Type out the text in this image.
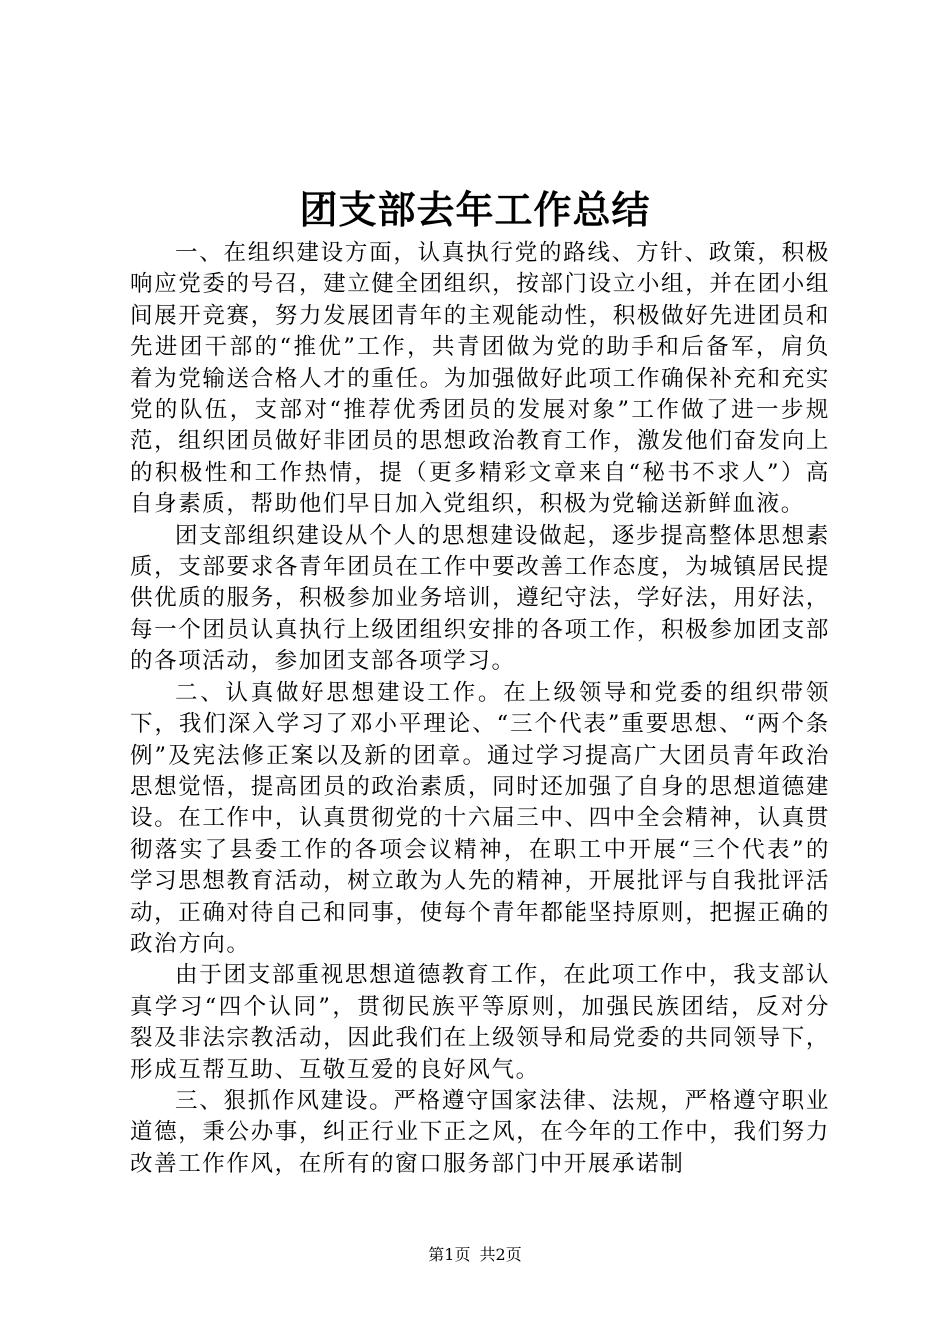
团支部去年工作总结

一、在组织建设方面，认真执行党的路线、方针、政策，积极响应党委的号召，建立健全团组织，按部门设立小组，并在团小组间展开竞赛，努力发展团青年的主观能动性，积极做好先进团员和先进团干部的“推优”工作，共青团做为党的助手和后备军，肩负着为党输送合格人才的重任。为加强做好此项工作确保补充和充实党的队伍，支部对“推荐优秀团员的发展对象”工作做了进一步规范，组织团员做好非团员的思想政治教育工作，激发他们奋发向上的积极性和工作热情，提（更多精彩文章来自“秘书不求人”）高自身素质，帮助他们早日加入党组织，积极为党输送新鲜血液。

团支部组织建设从个人的思想建设做起，逐步提高整体思想素质，支部要求各青年团员在工作中要改善工作态度，为城镇居民提供优质的服务，积极参加业务培训，遵纪守法，学好法，用好法，每一个团员认真执行上级团组织安排的各项工作，积极参加团支部的各项活动，参加团支部各项学习。

二、认真做好思想建设工作。在上级领导和党委的组织带领下，我们深入学习了邓小平理论、“三个代表”重要思想、“两个条例”及宪法修正案以及新的团章。通过学习提高广大团员青年政治思想觉悟，提高团员的政治素质，同时还加强了自身的思想道德建设。在工作中，认真贯彻党的十六届三中、四中全会精神，认真贯彻落实了县委工作的各项会议精神，在职工中开展“三个代表”的学习思想教育活动，树立敢为人先的精神，开展批评与自我批评活动，正确对待自己和同事，使每个青年都能坚持原则，把握正确的政治方向。

由于团支部重视思想道德教育工作，在此项工作中，我支部认真学习“四个认同”，贯彻民族平等原则，加强民族团结，反对分裂及非法宗教活动，因此我们在上级领导和局党委的共同领导下，形成互帮互助、互敬互爱的良好风气。

三、狠抓作风建设。严格遵守国家法律、法规，严格遵守职业道德，秉公办事，纠正行业下正之风，在今年的工作中，我们努力改善工作作风，在所有的窗口服务部门中开展承诺制

第1页 共2页
